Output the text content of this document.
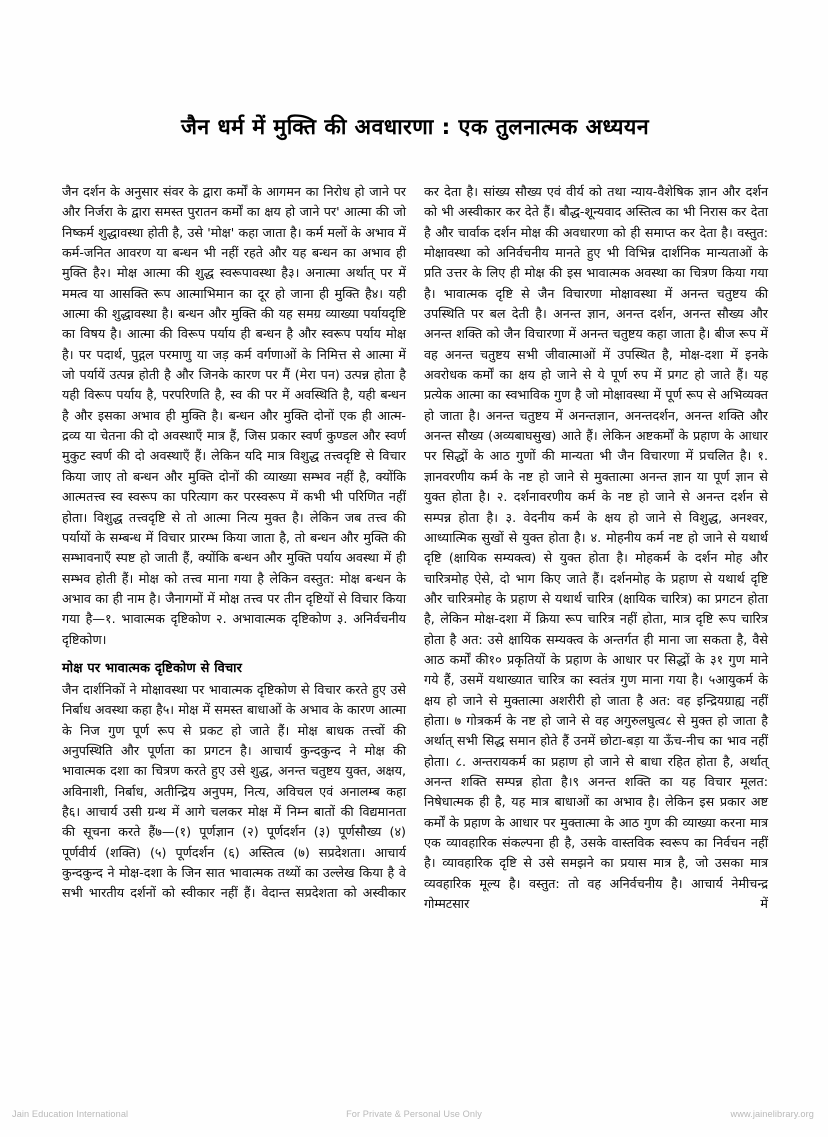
जैन धर्म में मुक्ति की अवधारणा : एक तुलनात्मक अध्ययन

जैन दर्शन के अनुसार संवर के द्वारा कर्मों के आगमन का निरोध हो जाने पर और निर्जरा के द्वारा समस्त पुरातन कर्मों का क्षय हो जाने पर' आत्मा की जो निष्कर्म शुद्धावस्था होती है, उसे 'मोक्ष' कहा जाता है। कर्म मलों के अभाव में कर्म-जनित आवरण या बन्धन भी नहीं रहते और यह बन्धन का अभाव ही मुक्ति है२। मोक्ष आत्मा की शुद्ध स्वरूपावस्था है३। अनात्मा अर्थात् पर में ममत्व या आसक्ति रूप आत्माभिमान का दूर हो जाना ही मुक्ति है४। यही आत्मा की शुद्धावस्था है। बन्धन और मुक्ति की यह समग्र व्याख्या पर्यायदृष्टि का विषय है। आत्मा की विरूप पर्याय ही बन्धन है और स्वरूप पर्याय मोक्ष है। पर पदार्थ, पुद्गल परमाणु या जड़ कर्म वर्गणाओं के निमित्त से आत्मा में जो पर्यायें उत्पन्न होती है और जिनके कारण पर मैं (मेरा पन) उत्पन्न होता है यही विरूप पर्याय है, परपरिणति है, स्व की पर में अवस्थिति है, यही बन्धन है और इसका अभाव ही मुक्ति है। बन्धन और मुक्ति दोनों एक ही आत्म-द्रव्य या चेतना की दो अवस्थाएँ मात्र हैं, जिस प्रकार स्वर्ण कुण्डल और स्वर्ण मुकुट स्वर्ण की दो अवस्थाएँ हैं। लेकिन यदि मात्र विशुद्ध तत्त्वदृष्टि से विचार किया जाए तो बन्धन और मुक्ति दोनों की व्याख्या सम्भव नहीं है, क्योंकि आत्मतत्त्व स्व स्वरूप का परित्याग कर परस्वरूप में कभी भी परिणित नहीं होता। विशुद्ध तत्त्वदृष्टि से तो आत्मा नित्य मुक्त है। लेकिन जब तत्त्व की पर्यायों के सम्बन्ध में विचार प्रारम्भ किया जाता है, तो बन्धन और मुक्ति की सम्भावनाएँ स्पष्ट हो जाती हैं, क्योंकि बन्धन और मुक्ति पर्याय अवस्था में ही सम्भव होती हैं। मोक्ष को तत्त्व माना गया है लेकिन वस्तुत: मोक्ष बन्धन के अभाव का ही नाम है। जैनागमों में मोक्ष तत्त्व पर तीन दृष्टियों से विचार किया गया है—१. भावात्मक दृष्टिकोण २. अभावात्मक दृष्टिकोण ३. अनिर्वचनीय दृष्टिकोण।

मोक्ष पर भावात्मक दृष्टिकोण से विचार

जैन दार्शनिकों ने मोक्षावस्था पर भावात्मक दृष्टिकोण से विचार करते हुए उसे निर्बाध अवस्था कहा है५। मोक्ष में समस्त बाधाओं के अभाव के कारण आत्मा के निज गुण पूर्ण रूप से प्रकट हो जाते हैं। मोक्ष बाधक तत्त्वों की अनुपस्थिति और पूर्णता का प्रगटन है। आचार्य कुन्दकुन्द ने मोक्ष की भावात्मक दशा का चित्रण करते हुए उसे शुद्ध, अनन्त चतुष्टय युक्त, अक्षय, अविनाशी, निर्बाध, अतीन्द्रिय अनुपम, नित्य, अविचल एवं अनालम्ब कहा है६। आचार्य उसी ग्रन्थ में आगे चलकर मोक्ष में निम्न बातों की विद्यमानता की सूचना करते हैं७—(१) पूर्णज्ञान (२) पूर्णदर्शन (३) पूर्णसौख्य (४) पूर्णवीर्य (शक्ति) (५) पूर्णदर्शन (६) अस्तित्व (७) सप्रदेशता। आचार्य कुन्दकुन्द ने मोक्ष-दशा के जिन सात भावात्मक तथ्यों का उल्लेख किया है वे सभी भारतीय दर्शनों को स्वीकार नहीं हैं। वेदान्त सप्रदेशता को अस्वीकार

कर देता है। सांख्य सौख्य एवं वीर्य को तथा न्याय-वैशेषिक ज्ञान और दर्शन को भी अस्वीकार कर देते हैं। बौद्ध-शून्यवाद अस्तित्व का भी निरास कर देता है और चार्वाक दर्शन मोक्ष की अवधारणा को ही समाप्त कर देता है। वस्तुत: मोक्षावस्था को अनिर्वचनीय मानते हुए भी विभिन्न दार्शनिक मान्यताओं के प्रति उत्तर के लिए ही मोक्ष की इस भावात्मक अवस्था का चित्रण किया गया है। भावात्मक दृष्टि से जैन विचारणा मोक्षावस्था में अनन्त चतुष्टय की उपस्थिति पर बल देती है। अनन्त ज्ञान, अनन्त दर्शन, अनन्त सौख्य और अनन्त शक्ति को जैन विचारणा में अनन्त चतुष्टय कहा जाता है। बीज रूप में वह अनन्त चतुष्टय सभी जीवात्माओं में उपस्थित है, मोक्ष-दशा में इनके अवरोधक कर्मों का क्षय हो जाने से ये पूर्ण रुप में प्रगट हो जाते हैं। यह प्रत्येक आत्मा का स्वभाविक गुण है जो मोक्षावस्था में पूर्ण रूप से अभिव्यक्त हो जाता है। अनन्त चतुष्टय में अनन्तज्ञान, अनन्तदर्शन, अनन्त शक्ति और अनन्त सौख्य (अव्यबाघसुख) आते हैं। लेकिन अष्टकर्मों के प्रहाण के आधार पर सिद्धों के आठ गुणों की मान्यता भी जैन विचारणा में प्रचलित है। १. ज्ञानवरणीय कर्म के नष्ट हो जाने से मुक्तात्मा अनन्त ज्ञान या पूर्ण ज्ञान से युक्त होता है। २. दर्शनावरणीय कर्म के नष्ट हो जाने से अनन्त दर्शन से सम्पन्न होता है। ३. वेदनीय कर्म के क्षय हो जाने से विशुद्ध, अनश्वर, आध्यात्मिक सुखों से युक्त होता है। ४. मोहनीय कर्म नष्ट हो जाने से यथार्थ दृष्टि (क्षायिक सम्यक्त्व) से युक्त होता है। मोहकर्म के दर्शन मोह और चारित्रमोह ऐसे, दो भाग किए जाते हैं। दर्शनमोह के प्रहाण से यथार्थ दृष्टि और चारित्रमोह के प्रहाण से यथार्थ चारित्र (क्षायिक चारित्र) का प्रगटन होता है, लेकिन मोक्ष-दशा में क्रिया रूप चारित्र नहीं होता, मात्र दृष्टि रूप चारित्र होता है अत: उसे क्षायिक सम्यक्त्व के अन्तर्गत ही माना जा सकता है, वैसे आठ कर्मों की१० प्रकृतियों के प्रहाण के आधार पर सिद्धों के ३१ गुण माने गये हैं, उसमें यथाख्यात चारित्र का स्वतंत्र गुण माना गया है। ५आयुकर्म के क्षय हो जाने से मुक्तात्मा अशरीरी हो जाता है अत: वह इन्द्रियग्राह्य नहीं होता। ७ गोत्रकर्म के नष्ट हो जाने से वह अगुरुलघुत्व८ से मुक्त हो जाता है अर्थात् सभी सिद्ध समान होते हैं उनमें छोटा-बड़ा या ऊँच-नीच का भाव नहीं होता। ८. अन्तरायकर्म का प्रहाण हो जाने से बाधा रहित होता है, अर्थात् अनन्त शक्ति सम्पन्न होता है।९ अनन्त शक्ति का यह विचार मूलत: निषेधात्मक ही है, यह मात्र बाधाओं का अभाव है। लेकिन इस प्रकार अष्ट कर्मों के प्रहाण के आधार पर मुक्तात्मा के आठ गुण की व्याख्या करना मात्र एक व्यावहारिक संकल्पना ही है, उसके वास्तविक स्वरूप का निर्वचन नहीं है। व्यावहारिक दृष्टि से उसे समझने का प्रयास मात्र है, जो उसका मात्र व्यवहारिक मूल्य है। वस्तुत: तो वह अनिर्वचनीय है। आचार्य नेमीचन्द्र गोम्मटसार में

Jain Education International	For Private & Personal Use Only	www.jainelibrary.org
